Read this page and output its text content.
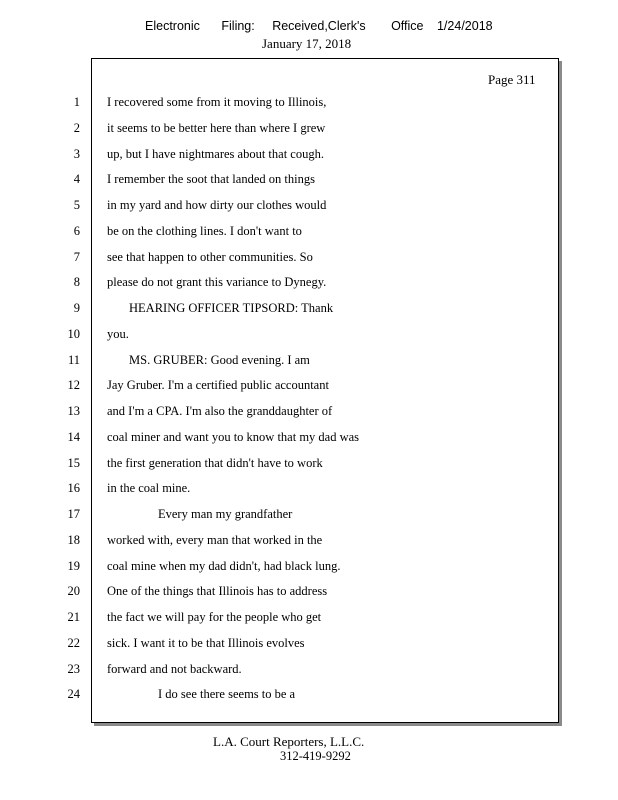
Electronic Filing: Received,Clerk's Office 1/24/2018
January 17, 2018
Page 311
1 I recovered some from it moving to Illinois,
2 it seems to be better here than where I grew
3 up, but I have nightmares about that cough.
4 I remember the soot that landed on things
5 in my yard and how dirty our clothes would
6 be on the clothing lines. I don't want to
7 see that happen to other communities. So
8 please do not grant this variance to Dynegy.
9	HEARING OFFICER TIPSORD: Thank
10 you.
11	MS. GRUBER: Good evening. I am
12 Jay Gruber. I'm a certified public accountant
13 and I'm a CPA. I'm also the granddaughter of
14 coal miner and want you to know that my dad was
15 the first generation that didn't have to work
16 in the coal mine.
17	Every man my grandfather
18 worked with, every man that worked in the
19 coal mine when my dad didn't, had black lung.
20 One of the things that Illinois has to address
21 the fact we will pay for the people who get
22 sick. I want it to be that Illinois evolves
23 forward and not backward.
24	I do see there seems to be a
L.A. Court Reporters, L.L.C.
312-419-9292
